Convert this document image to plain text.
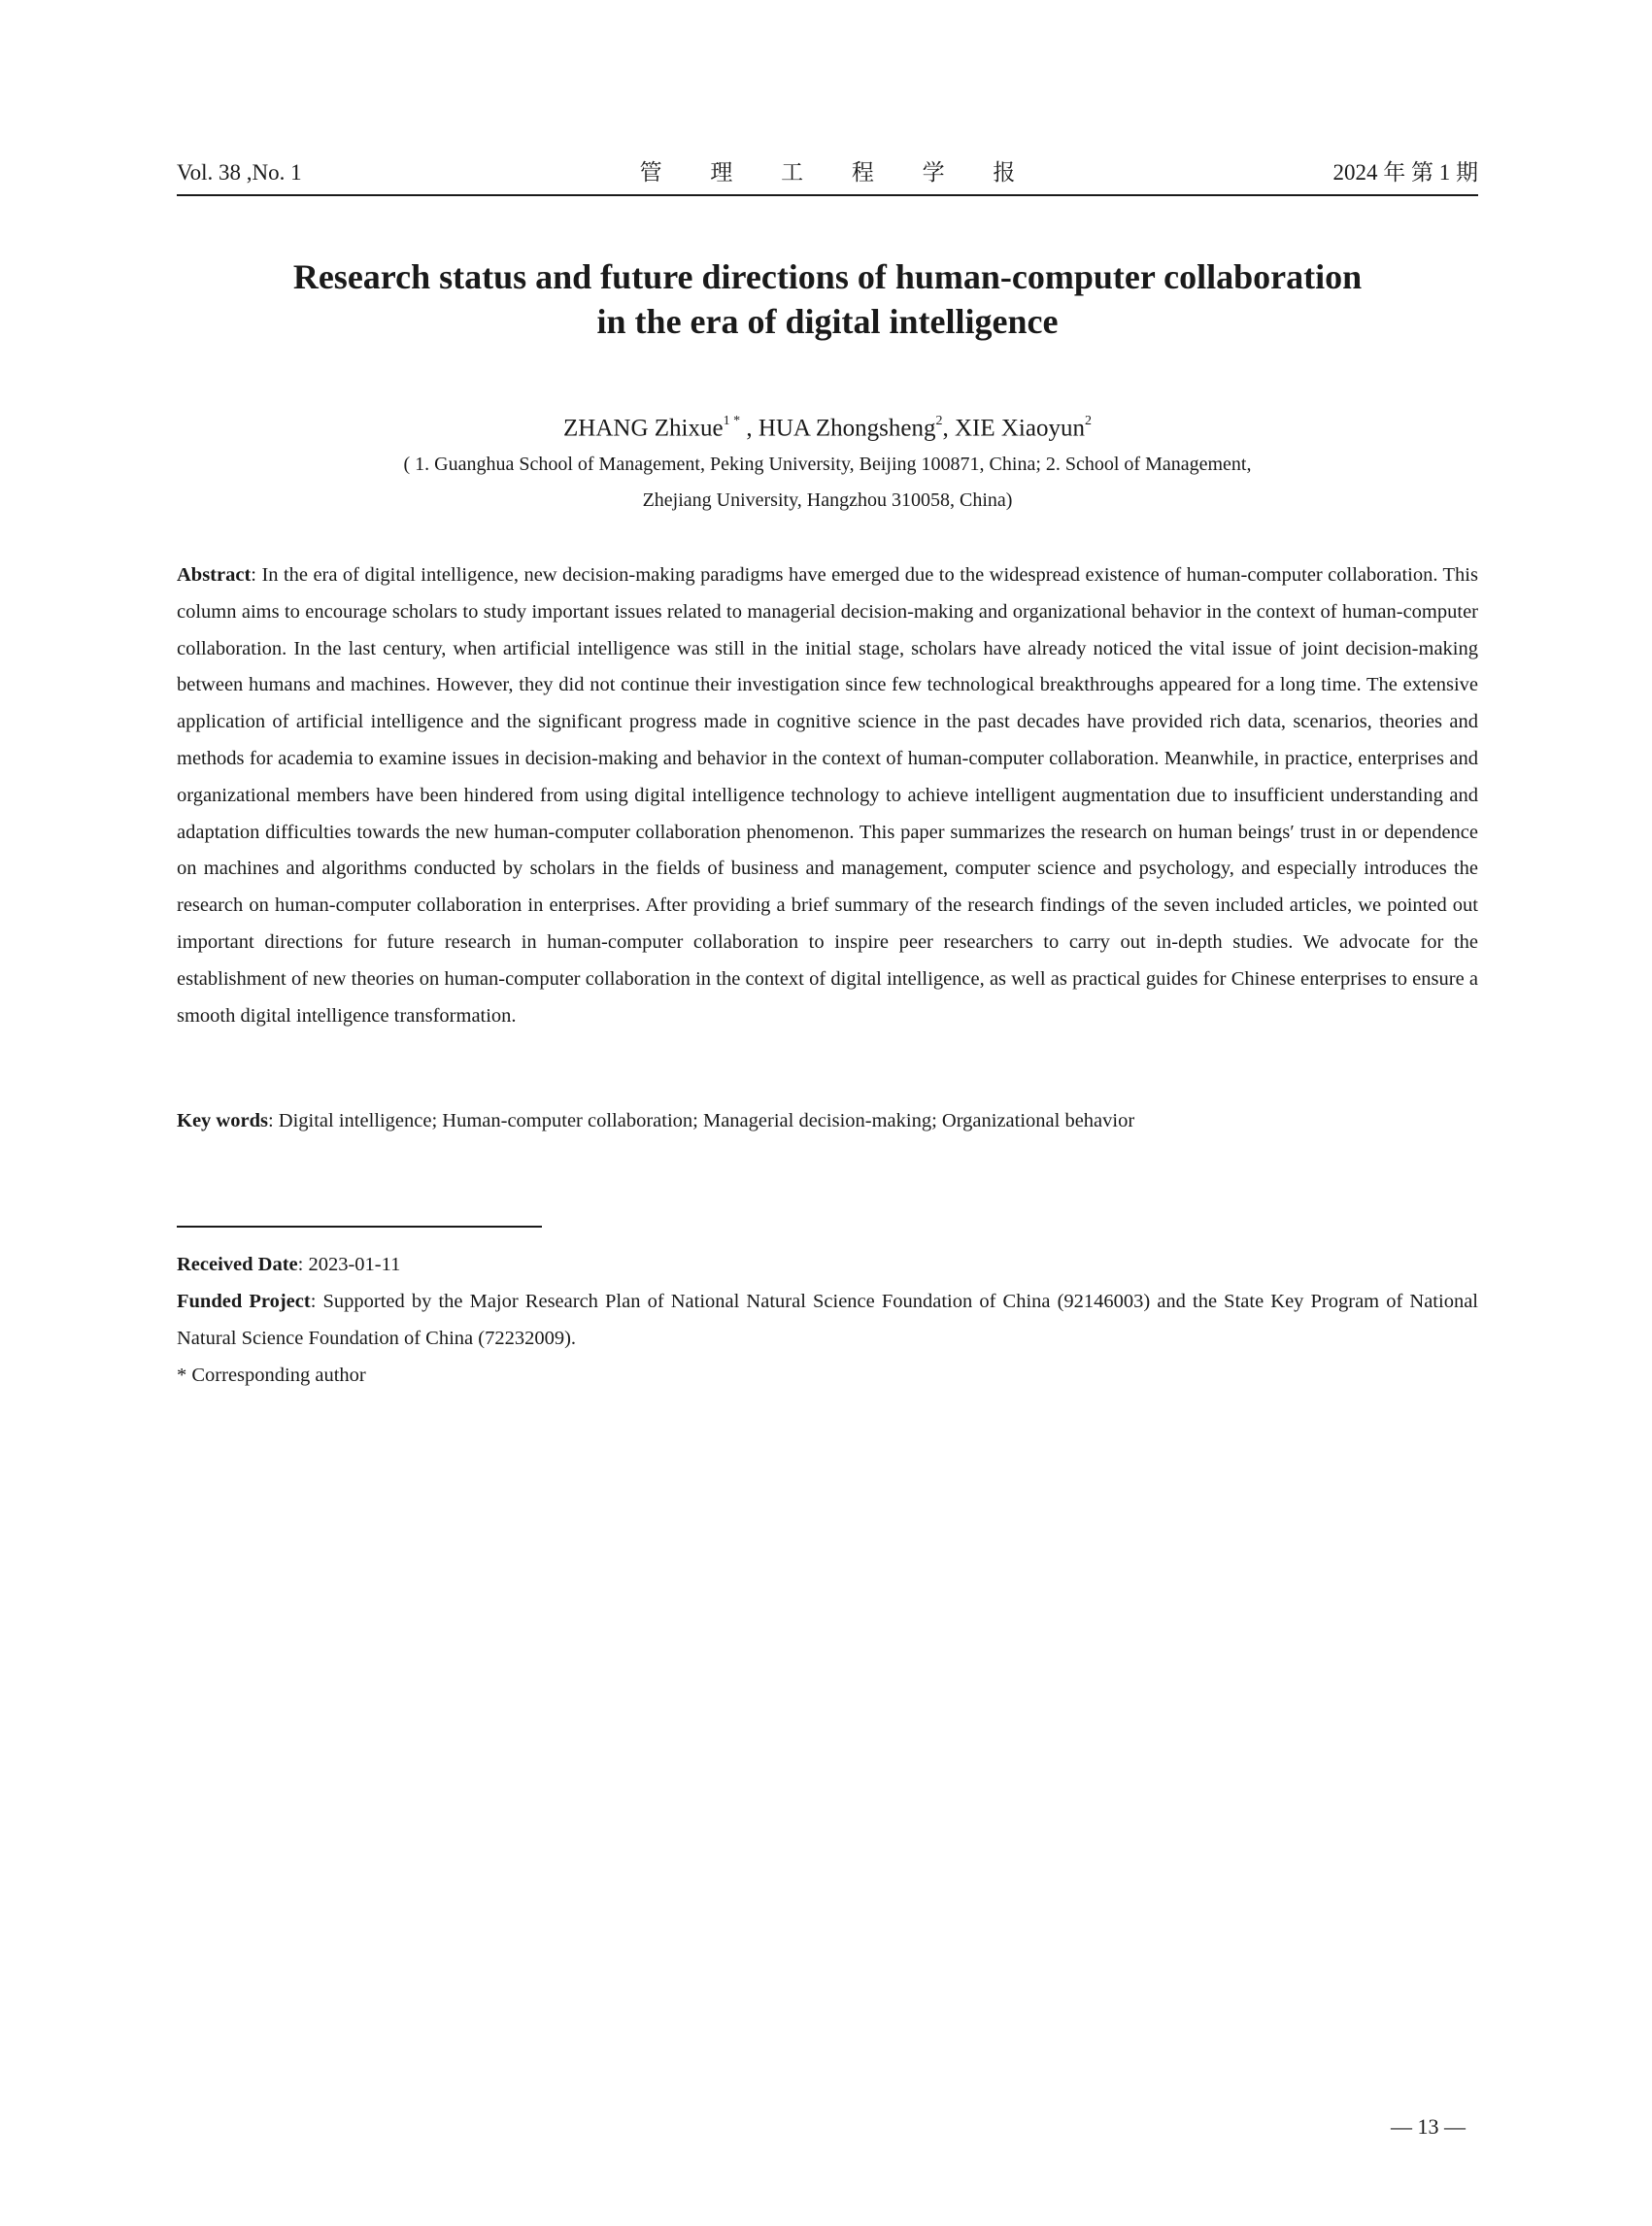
Vol. 38 ,No. 1	管 理 工 程 学 报	2024 年 第 1 期
Research status and future directions of human-computer collaboration
in the era of digital intelligence
ZHANG Zhixue$^{1 *}$ , HUA Zhongsheng$^2$, XIE Xiaoyun$^2$
( 1. Guanghua School of Management, Peking University, Beijing 100871, China; 2. School of Management,
Zhejiang University, Hangzhou 310058, China)
Abstract: In the era of digital intelligence, new decision-making paradigms have emerged due to the widespread existence of human-computer collaboration. This column aims to encourage scholars to study important issues related to managerial decision-making and organizational behavior in the context of human-computer collaboration. In the last century, when artificial intelligence was still in the initial stage, scholars have already noticed the vital issue of joint decision-making between humans and machines. However, they did not continue their investigation since few technological breakthroughs appeared for a long time. The extensive application of artificial intelligence and the significant progress made in cognitive science in the past decades have provided rich data, scenarios, theories and methods for academia to examine issues in decision-making and behavior in the context of human-computer collaboration. Meanwhile, in practice, enterprises and organizational members have been hindered from using digital intelligence technology to achieve intelligent augmentation due to insufficient understanding and adaptation difficulties towards the new human-computer collaboration phenomenon. This paper summarizes the research on human beings′ trust in or dependence on machines and algorithms conducted by scholars in the fields of business and management, computer science and psychology, and especially introduces the research on human-computer collaboration in enterprises. After providing a brief summary of the research findings of the seven included articles, we pointed out important directions for future research in human-computer collaboration to inspire peer researchers to carry out in-depth studies. We advocate for the establishment of new theories on human-computer collaboration in the context of digital intelligence, as well as practical guides for Chinese enterprises to ensure a smooth digital intelligence transformation.
Key words: Digital intelligence; Human-computer collaboration; Managerial decision-making; Organizational behavior

Received Date: 2023-01-11

Funded Project: Supported by the Major Research Plan of National Natural Science Foundation of China (92146003) and the State Key Program of National Natural Science Foundation of China (72232009).

* Corresponding author

— 13 —
